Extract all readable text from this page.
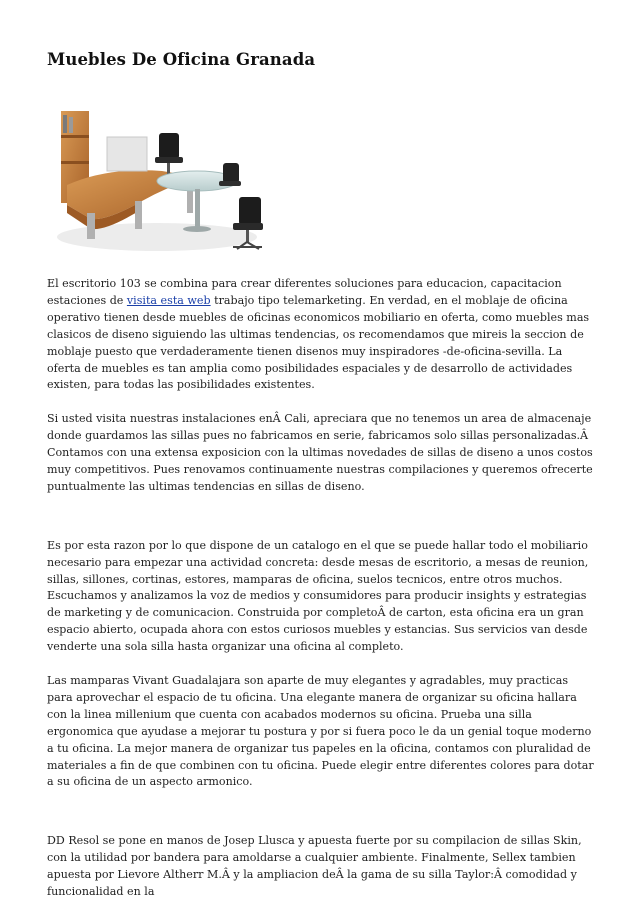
Muebles De Oficina Granada

El escritorio 103 se combina para crear diferentes soluciones para educacion, capacitacion estaciones de visita esta web trabajo tipo telemarketing. En verdad, en el moblaje de oficina operativo tienen desde muebles de oficinas economicos mobiliario en oferta, como muebles mas clasicos de diseno siguiendo las ultimas tendencias, os recomendamos que mireis la seccion de moblaje puesto que verdaderamente tienen disenos muy inspiradores -de-oficina-sevilla. La oferta de muebles es tan amplia como posibilidades espaciales y de desarrollo de actividades existen, para todas las posibilidades existentes.

Si usted visita nuestras instalaciones enÂ Cali, apreciara que no tenemos un area de almacenaje donde guardamos las sillas pues no fabricamos en serie, fabricamos solo sillas personalizadas.Â Contamos con una extensa exposicion con la ultimas novedades de sillas de diseno a unos costos muy competitivos. Pues renovamos continuamente nuestras compilaciones y queremos ofrecerte puntualmente las ultimas tendencias en sillas de diseno.

Es por esta razon por lo que dispone de un catalogo en el que se puede hallar todo el mobiliario necesario para empezar una actividad concreta: desde mesas de escritorio, a mesas de reunion, sillas, sillones, cortinas, estores, mamparas de oficina, suelos tecnicos, entre otros muchos. Escuchamos y analizamos la voz de medios y consumidores para producir insights y estrategias de marketing y de comunicacion. Construida por completoÂ de carton, esta oficina era un gran espacio abierto, ocupada ahora con estos curiosos muebles y estancias. Sus servicios van desde venderte una sola silla hasta organizar una oficina al completo.

Las mamparas Vivant Guadalajara son aparte de muy elegantes y agradables, muy practicas para aprovechar el espacio de tu oficina. Una elegante manera de organizar su oficina hallara con la linea millenium que cuenta con acabados modernos su oficina. Prueba una silla ergonomica que ayudase a mejorar tu postura y por si fuera poco le da un genial toque moderno a tu oficina. La mejor manera de organizar tus papeles en la oficina, contamos con pluralidad de materiales a fin de que combinen con tu oficina. Puede elegir entre diferentes colores para dotar a su oficina de un aspecto armonico.

DD Resol se pone en manos de Josep Llusca y apuesta fuerte por su compilacion de sillas Skin, con la utilidad por bandera para amoldarse a cualquier ambiente. Finalmente, Sellex tambien apuesta por Lievore Altherr M.Â y la ampliacion deÂ la gama de su silla Taylor:Â comodidad y funcionalidad en la
